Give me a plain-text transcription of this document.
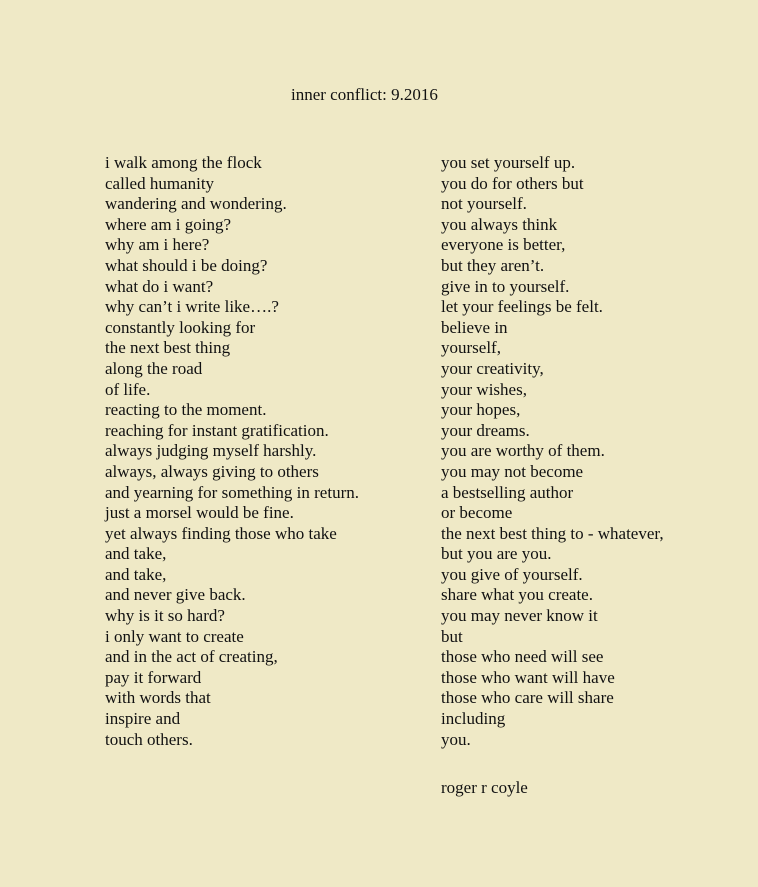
inner conflict: 9.2016
i walk among the flock
called humanity
wandering and wondering.
where am i going?
why am i here?
what should i be doing?
what do i want?
why can’t i write like….?
constantly looking for
the next best thing
along the road
of life.
reacting to the moment.
reaching for instant gratification.
always judging myself harshly.
always, always giving to others
and yearning for something in return.
just a morsel would be fine.
yet always finding those who take
and take,
and take,
and never give back.
why is it so hard?
i only want to create
and in the act of creating,
pay it forward
with words that
inspire and
touch others.
you set yourself up.
you do for others but
not yourself.
you always think
everyone is better,
but they aren’t.
give in to yourself.
let your feelings be felt.
believe in
yourself,
your creativity,
your wishes,
your hopes,
your dreams.
you are worthy of them.
you may not become
a bestselling author
or become
the next best thing to - whatever,
but you are you.
you give of yourself.
share what you create.
you may never know it
but
those who need will see
those who want will have
those who care will share
including
you.
roger r coyle
